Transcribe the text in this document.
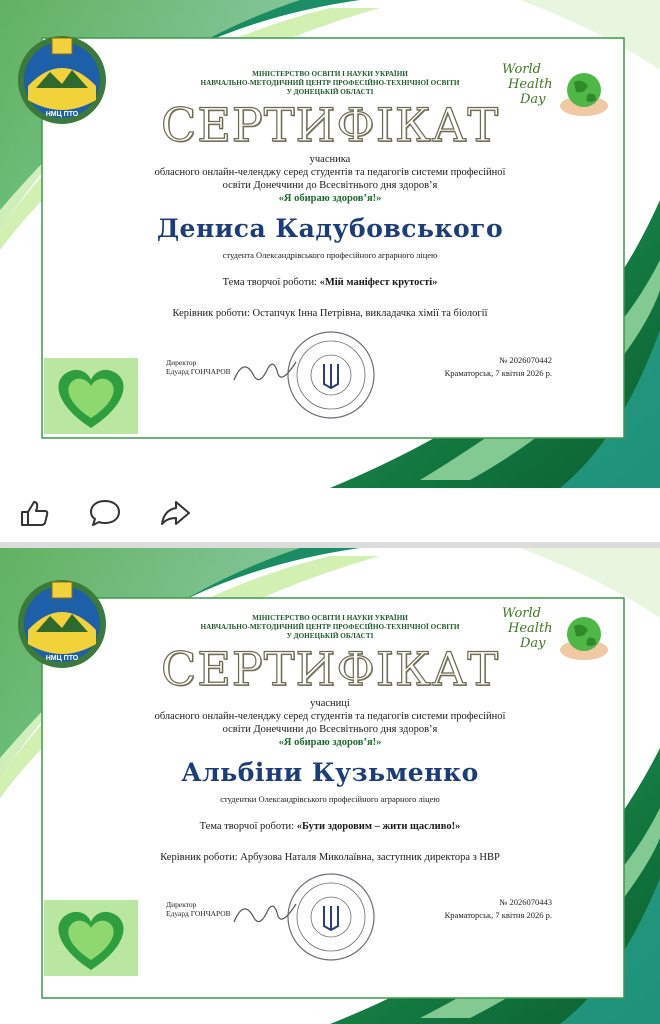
НМЦ ПТО
World
Health
Day
МІНІСТЕРСТВО ОСВІТИ І НАУКИ УКРАЇНИ
НАВЧАЛЬНО-МЕТОДИЧНИЙ ЦЕНТР ПРОФЕСІЙНО-ТЕХНІЧНОЇ ОСВІТИ
У ДОНЕЦЬКІЙ ОБЛАСТІ
СЕРТИФІКАТ
учасника
обласного онлайн-челенджу серед студентів та педагогів системи професійної
освіти Донеччини до Всесвітнього дня здоров’я
«Я обираю здоров’я!»
Дениса Кадубовського
студента Олександрівського професійного аграрного ліцею
Тема творчої роботи: «Мій маніфест крутості»
Керівник роботи: Остапчук Інна Петрівна, викладачка хімії та біології
Директор
Едуард ГОНЧАРОВ
№ 2026070442
Краматорськ, 7 квітня 2026 р.
НМЦ ПТО
World
Health
Day
МІНІСТЕРСТВО ОСВІТИ І НАУКИ УКРАЇНИ
НАВЧАЛЬНО-МЕТОДИЧНИЙ ЦЕНТР ПРОФЕСІЙНО-ТЕХНІЧНОЇ ОСВІТИ
У ДОНЕЦЬКІЙ ОБЛАСТІ
СЕРТИФІКАТ
учасниці
обласного онлайн-челенджу серед студентів та педагогів системи професійної
освіти Донеччини до Всесвітнього дня здоров’я
«Я обираю здоров’я!»
Альбіни Кузьменко
студентки Олександрівського професійного аграрного ліцею
Тема творчої роботи: «Бути здоровим – жити щасливо!»
Керівник роботи: Арбузова Наталя Миколаївна, заступник директора з НВР
Директор
Едуард ГОНЧАРОВ
№ 2026070443
Краматорськ, 7 квітня 2026 р.
